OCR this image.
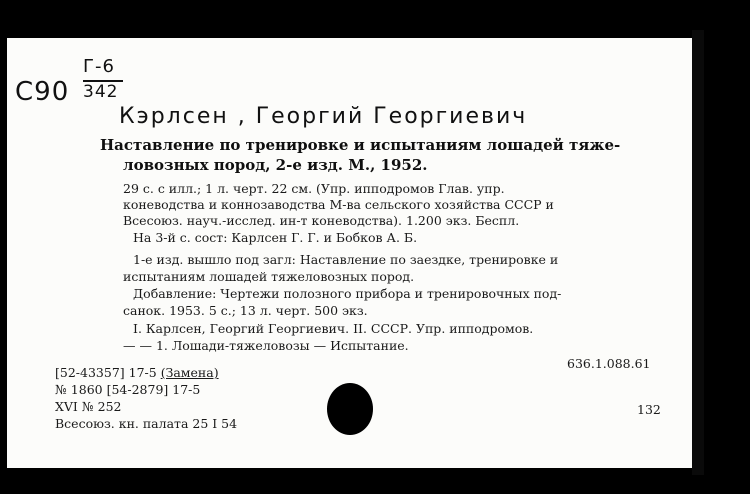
C90
Г-6
342
Кэрлсен , Георгий Георгиевич
Наставление по тренировке и испытаниям лошадей тяже-
ловозных пород, 2-е изд. М., 1952.
29 с. с илл.; 1 л. черт. 22 см. (Упр. ипподромов Глав. упр.
коневодства и коннозаводства М-ва сельского хозяйства СССР и
Всесоюз. науч.-исслед. ин-т коневодства). 1.200 экз. Беспл.
На 3-й с. сост: Карлсен Г. Г. и Бобков А. Б.
1-е изд. вышло под загл: Наставление по заездке, тренировке и
испытаниям лошадей тяжеловозных пород.
Добавление: Чертежи полозного прибора и тренировочных под-
санок. 1953. 5 с.; 13 л. черт. 500 экз.
I. Карлсен, Георгий Георгиевич. II. СССР. Упр. ипподромов.
— — 1. Лошади-тяжеловозы — Испытание.
636.1.088.61
[52-43357] 17-5 (Замена)
№ 1860 [54-2879] 17-5
XVI № 252
Всесоюз. кн. палата 25 I 54
132
